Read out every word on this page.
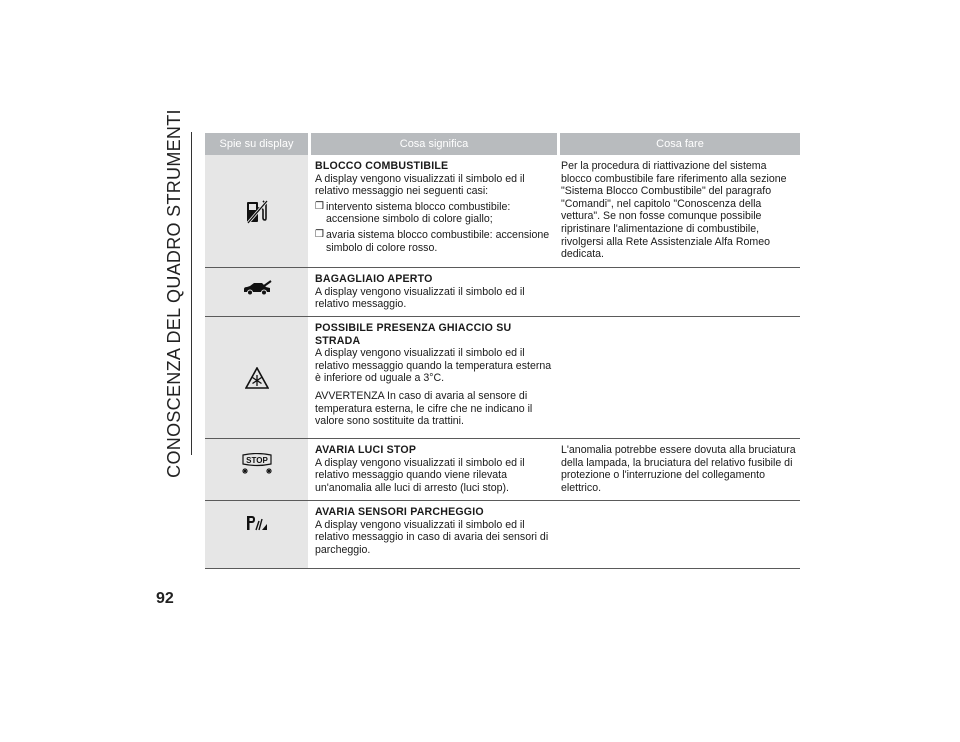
CONOSCENZA DEL QUADRO STRUMENTI
92
Spie su display	Cosa significa	Cosa fare
BLOCCO COMBUSTIBILE
A display vengono visualizzati il simbolo ed il relativo messaggio nei seguenti casi:
❒ intervento sistema blocco combustibile: accensione simbolo di colore giallo;
❒ avaria sistema blocco combustibile: accensione simbolo di colore rosso.
Per la procedura di riattivazione del sistema blocco combustibile fare riferimento alla sezione "Sistema Blocco Combustibile" del paragrafo "Comandi", nel capitolo "Conoscenza della vettura". Se non fosse comunque possibile ripristinare l'alimentazione di combustibile, rivolgersi alla Rete Assistenziale Alfa Romeo dedicata.
BAGAGLIAIO APERTO
A display vengono visualizzati il simbolo ed il relativo messaggio.
POSSIBILE PRESENZA GHIACCIO SU STRADA
A display vengono visualizzati il simbolo ed il relativo messaggio quando la temperatura esterna è inferiore od uguale a 3°C.
AVVERTENZA In caso di avaria al sensore di temperatura esterna, le cifre che ne indicano il valore sono sostituite da trattini.
STOP
AVARIA LUCI STOP
A display vengono visualizzati il simbolo ed il relativo messaggio quando viene rilevata un'anomalia alle luci di arresto (luci stop).
L'anomalia potrebbe essere dovuta alla bruciatura della lampada, la bruciatura del relativo fusibile di protezione o l'interruzione del collegamento elettrico.
AVARIA SENSORI PARCHEGGIO
A display vengono visualizzati il simbolo ed il relativo messaggio in caso di avaria dei sensori di parcheggio.
